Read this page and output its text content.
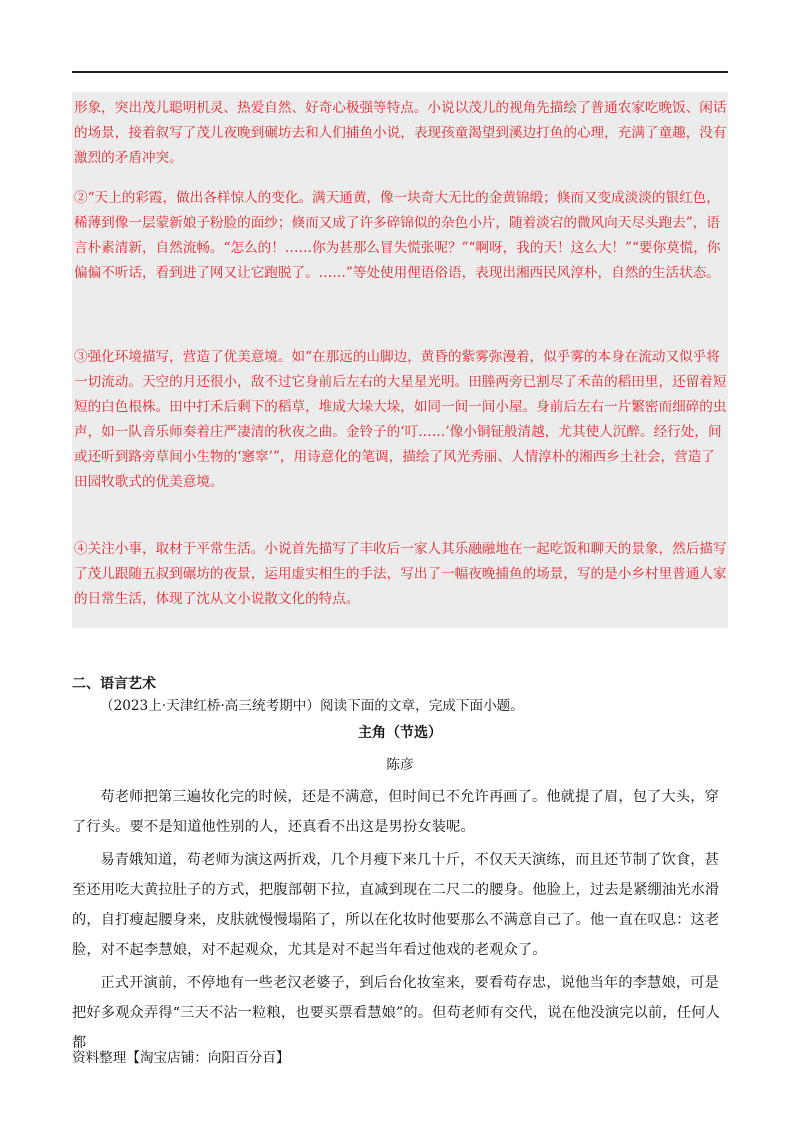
形象，突出茂儿聪明机灵、热爱自然、好奇心极强等特点。小说以茂儿的视角先描绘了普通农家吃晚饭、闲话的场景，接着叙写了茂儿夜晚到碾坊去和人们捕鱼小说，表现孩童渴望到溪边打鱼的心理，充满了童趣，没有激烈的矛盾冲突。

②“天上的彩霞，做出各样惊人的变化。满天通黄，像一块奇大无比的金黄锦缎；倏而又变成淡淡的银红色，稀薄到像一层蒙新娘子粉脸的面纱；倏而又成了许多碎锦似的杂色小片，随着淡宕的微风向天尽头跑去”，语言朴素清新，自然流畅。“怎么的！……你为甚那么冒失慌张呢？”“啊呀，我的天！这么大！”“要你莫慌，你偏偏不听话，看到进了网又让它跑脱了。……”等处使用俚语俗语，表现出湘西民风淳朴，自然的生活状态。

③强化环境描写，营造了优美意境。如“在那远的山脚边，黄昏的紫雾弥漫着，似乎雾的本身在流动又似乎将一切流动。天空的月还很小，敌不过它身前后左右的大星星光明。田塍两旁已割尽了禾苗的稻田里，还留着短短的白色根株。田中打禾后剩下的稻草，堆成大垛大垛，如同一间一间小屋。身前后左右一片繁密而细碎的虫声，如一队音乐师奏着庄严凄清的秋夜之曲。金铃子的‘叮……’像小铜钲般清越，尤其使人沉醉。经行处，间或还听到路旁草间小生物的‘窸窣’”，用诗意化的笔调，描绘了风光秀丽、人情淳朴的湘西乡土社会，营造了田园牧歌式的优美意境。

④关注小事，取材于平常生活。小说首先描写了丰收后一家人其乐融融地在一起吃饭和聊天的景象，然后描写了茂儿跟随五叔到碾坊的夜景，运用虚实相生的手法，写出了一幅夜晚捕鱼的场景，写的是小乡村里普通人家的日常生活，体现了沈从文小说散文化的特点。

二、语言艺术

（2023上·天津红桥·高三统考期中）阅读下面的文章，完成下面小题。

主角（节选）

陈彦

苟老师把第三遍妆化完的时候，还是不满意，但时间已不允许再画了。他就提了眉，包了大头，穿了行头。要不是知道他性别的人，还真看不出这是男扮女装呢。

易青娥知道，苟老师为演这两折戏，几个月瘦下来几十斤，不仅天天演练，而且还节制了饮食，甚至还用吃大黄拉肚子的方式，把腹部朝下拉，直减到现在二尺二的腰身。他脸上，过去是紧绷油光水滑的，自打瘦起腰身来，皮肤就慢慢塌陷了，所以在化妆时他要那么不满意自己了。他一直在叹息：这老脸，对不起李慧娘，对不起观众，尤其是对不起当年看过他戏的老观众了。

正式开演前，不停地有一些老汉老婆子，到后台化妆室来，要看苟存忠，说他当年的李慧娘，可是把好多观众弄得“三天不沾一粒粮，也要买票看慧娘”的。但苟老师有交代，说在他没演完以前，任何人都

资料整理【淘宝店铺：向阳百分百】
